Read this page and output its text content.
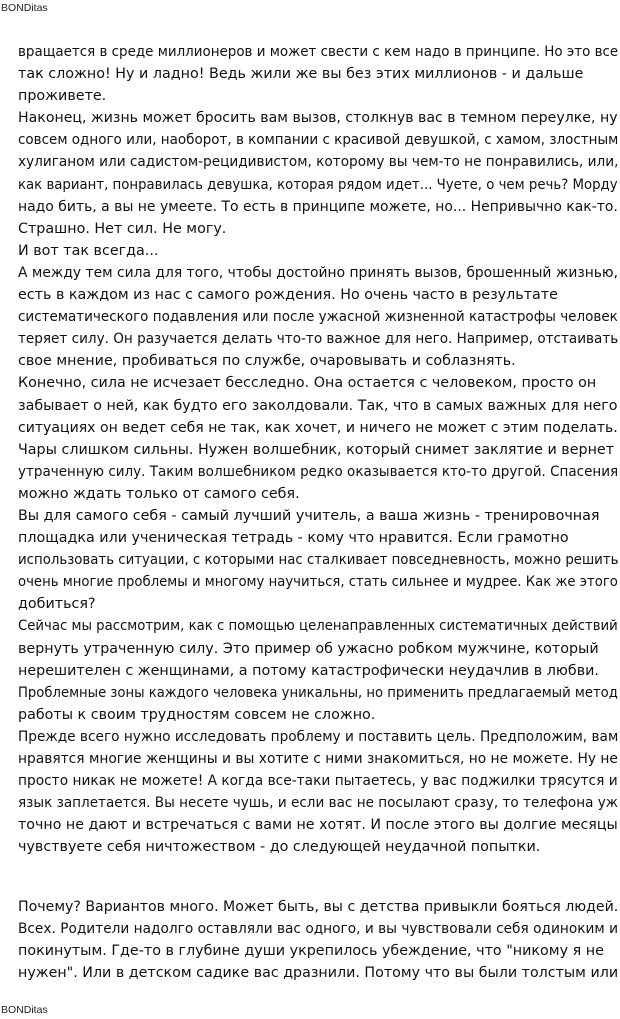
BONDitas
вращается в среде миллионеров и может свести с кем надо в принципе. Но это все
так сложно! Ну и ладно! Ведь жили же вы без этих миллионов - и дальше
проживете.
Наконец, жизнь может бросить вам вызов, столкнув вас в темном переулке, ну
совсем одного или, наоборот, в компании с красивой девушкой, с хамом, злостным
хулиганом или садистом-рецидивистом, которому вы чем-то не понравились, или,
как вариант, понравилась девушка, которая рядом идет... Чуете, о чем речь? Морду
надо бить, а вы не умеете. То есть в принципе можете, но... Непривычно как-то.
Страшно. Нет сил. Не могу.
И вот так всегда...
А между тем сила для того, чтобы достойно принять вызов, брошенный жизнью,
есть в каждом из нас с самого рождения. Но очень часто в результате
систематического подавления или после ужасной жизненной катастрофы человек
теряет силу. Он разучается делать что-то важное для него. Например, отстаивать
свое мнение, пробиваться по службе, очаровывать и соблазнять.
Конечно, сила не исчезает бесследно. Она остается с человеком, просто он
забывает о ней, как будто его заколдовали. Так, что в самых важных для него
ситуациях он ведет себя не так, как хочет, и ничего не может с этим поделать.
Чары слишком сильны. Нужен волшебник, который снимет заклятие и вернет
утраченную силу. Таким волшебником редко оказывается кто-то другой. Спасения
можно ждать только от самого себя.
Вы для самого себя - самый лучший учитель, а ваша жизнь - тренировочная
площадка или ученическая тетрадь - кому что нравится. Если грамотно
использовать ситуации, с которыми нас сталкивает повседневность, можно решить
очень многие проблемы и многому научиться, стать сильнее и мудрее. Как же этого
добиться?
Сейчас мы рассмотрим, как с помощью целенаправленных систематичных действий
вернуть утраченную силу. Это пример об ужасно робком мужчине, который
нерешителен с женщинами, а потому катастрофически неудачлив в любви.
Проблемные зоны каждого человека уникальны, но применить предлагаемый метод
работы к своим трудностям совсем не сложно.
Прежде всего нужно исследовать проблему и поставить цель. Предположим, вам
нравятся многие женщины и вы хотите с ними знакомиться, но не можете. Ну не
просто никак не можете! А когда все-таки пытаетесь, у вас поджилки трясутся и
язык заплетается. Вы несете чушь, и если вас не посылают сразу, то телефона уж
точно не дают и встречаться с вами не хотят. И после этого вы долгие месяцы
чувствуете себя ничтожеством - до следующей неудачной попытки.
Почему? Вариантов много. Может быть, вы с детства привыкли бояться людей.
Всех. Родители надолго оставляли вас одного, и вы чувствовали себя одиноким и
покинутым. Где-то в глубине души укрепилось убеждение, что "никому я не
нужен". Или в детском садике вас дразнили. Потому что вы были толстым или
BONDitas
